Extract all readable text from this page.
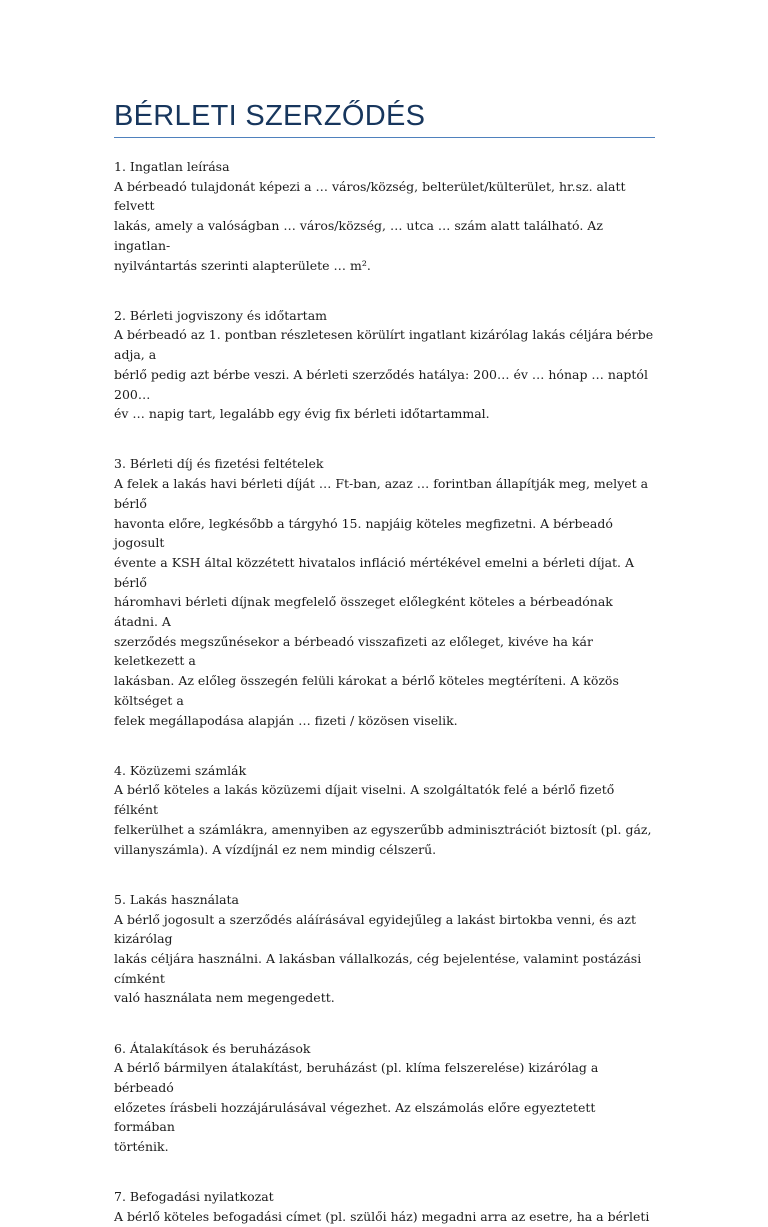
BÉRLETI SZERZŐDÉS
1. Ingatlan leírása
A bérbeadó tulajdonát képezi a … város/község, belterület/külterület, hr.sz. alatt felvett
lakás, amely a valóságban … város/község, … utca … szám alatt található. Az ingatlan-
nyilvántartás szerinti alapterülete … m².
2. Bérleti jogviszony és időtartam
A bérbeadó az 1. pontban részletesen körülírt ingatlant kizárólag lakás céljára bérbe adja, a
bérlő pedig azt bérbe veszi. A bérleti szerződés hatálya: 200… év … hónap … naptól 200…
év … napig tart, legalább egy évig fix bérleti időtartammal.
3. Bérleti díj és fizetési feltételek
A felek a lakás havi bérleti díját … Ft-ban, azaz … forintban állapítják meg, melyet a bérlő
havonta előre, legkésőbb a tárgyhó 15. napjáig köteles megfizetni. A bérbeadó jogosult
évente a KSH által közzétett hivatalos infláció mértékével emelni a bérleti díjat. A bérlő
háromhavi bérleti díjnak megfelelő összeget előlegként köteles a bérbeadónak átadni. A
szerződés megszűnésekor a bérbeadó visszafizeti az előleget, kivéve ha kár keletkezett a
lakásban. Az előleg összegén felüli károkat a bérlő köteles megtéríteni. A közös költséget a
felek megállapodása alapján … fizeti / közösen viselik.
4. Közüzemi számlák
A bérlő köteles a lakás közüzemi díjait viselni. A szolgáltatók felé a bérlő fizető félként
felkerülhet a számlákra, amennyiben az egyszerűbb adminisztrációt biztosít (pl. gáz,
villanyszámla). A vízdíjnál ez nem mindig célszerű.
5. Lakás használata
A bérlő jogosult a szerződés aláírásával egyidejűleg a lakást birtokba venni, és azt kizárólag
lakás céljára használni. A lakásban vállalkozás, cég bejelentése, valamint postázási címként
való használata nem megengedett.
6. Átalakítások és beruházások
A bérlő bármilyen átalakítást, beruházást (pl. klíma felszerelése) kizárólag a bérbeadó
előzetes írásbeli hozzájárulásával végezhet. Az elszámolás előre egyeztetett formában
történik.
7. Befogadási nyilatkozat
A bérlő köteles befogadási címet (pl. szülői ház) megadni arra az esetre, ha a bérleti
